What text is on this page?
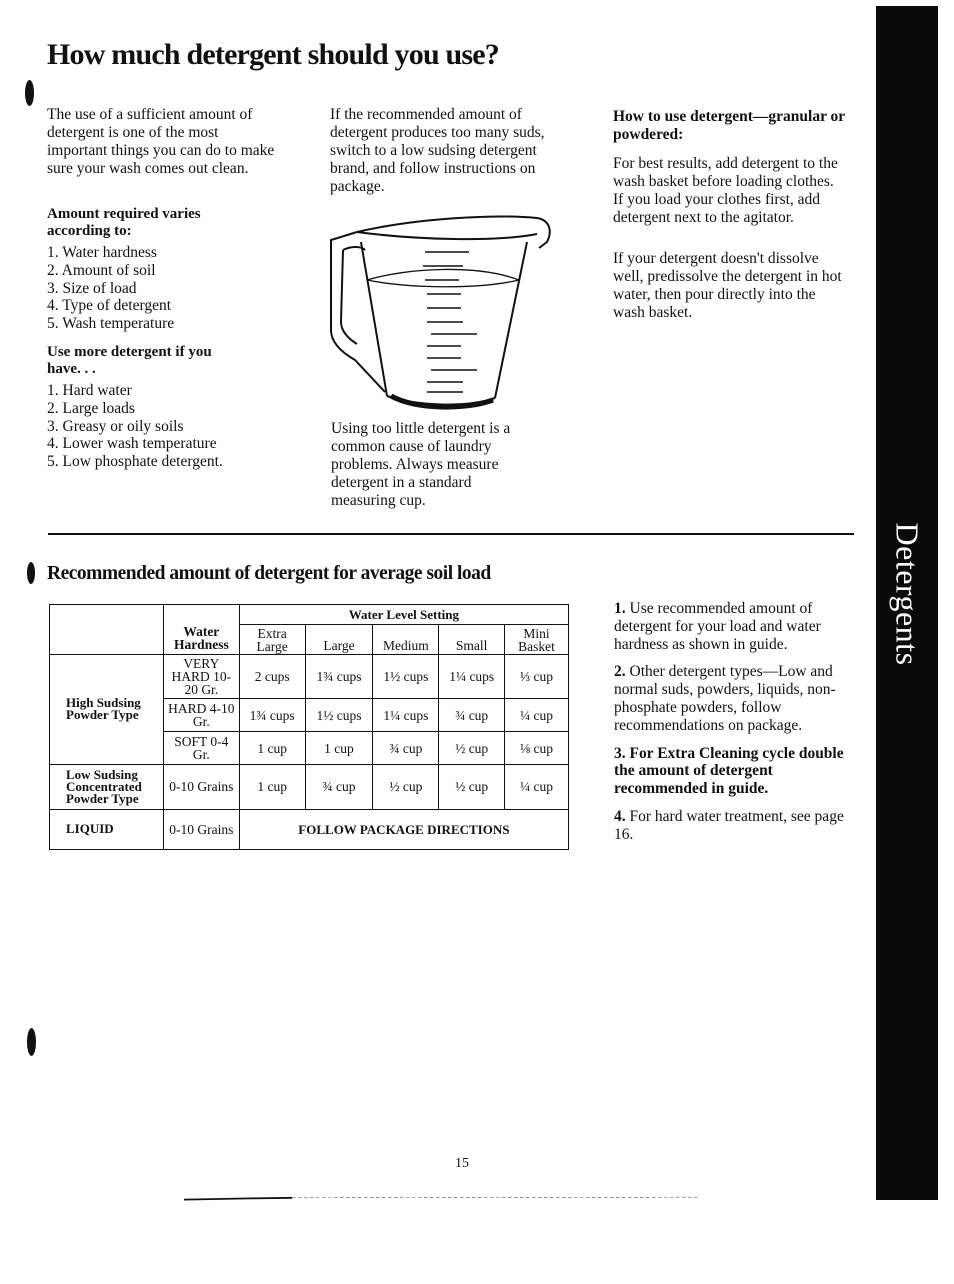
How much detergent should you use?

The use of a sufficient amount of detergent is one of the most important things you can do to make sure your wash comes out clean.

Amount required varies according to:

1. Water hardness
2. Amount of soil
3. Size of load
4. Type of detergent
5. Wash temperature

Use more detergent if you have. . .

1. Hard water
2. Large loads
3. Greasy or oily soils
4. Lower wash temperature
5. Low phosphate detergent.

If the recommended amount of detergent produces too many suds, switch to a low sudsing detergent brand, and follow instructions on package.

Using too little detergent is a common cause of laundry problems. Always measure detergent in a standard measuring cup.

How to use detergent—granular or powdered:

For best results, add detergent to the wash basket before loading clothes. If you load your clothes first, add detergent next to the agitator.

If your detergent doesn't dissolve well, predissolve the detergent in hot water, then pour directly into the wash basket.

Detergents
Recommended amount of detergent for average soil load
	Water Hardness	Water Level Setting				
		Extra Large	Large	Medium	Small	Mini Basket
High Sudsing Powder Type	VERY HARD 10-20 Gr.	2 cups	1¾ cups	1½ cups	1¼ cups	⅓ cup
	HARD 4-10 Gr.	1¾ cups	1½ cups	1¼ cups	¾ cup	¼ cup
	SOFT 0-4 Gr.	1 cup	1 cup	¾ cup	½ cup	⅛ cup
Low Sudsing Concentrated Powder Type	0-10 Grains	1 cup	¾ cup	½ cup	½ cup	¼ cup
LIQUID	0-10 Grains	FOLLOW PACKAGE DIRECTIONS				

1. Use recommended amount of detergent for your load and water hardness as shown in guide.

2. Other detergent types—Low and normal suds, powders, liquids, non-phosphate powders, follow recommendations on package.

3. For Extra Cleaning cycle double the amount of detergent recommended in guide.

4. For hard water treatment, see page 16.

15
